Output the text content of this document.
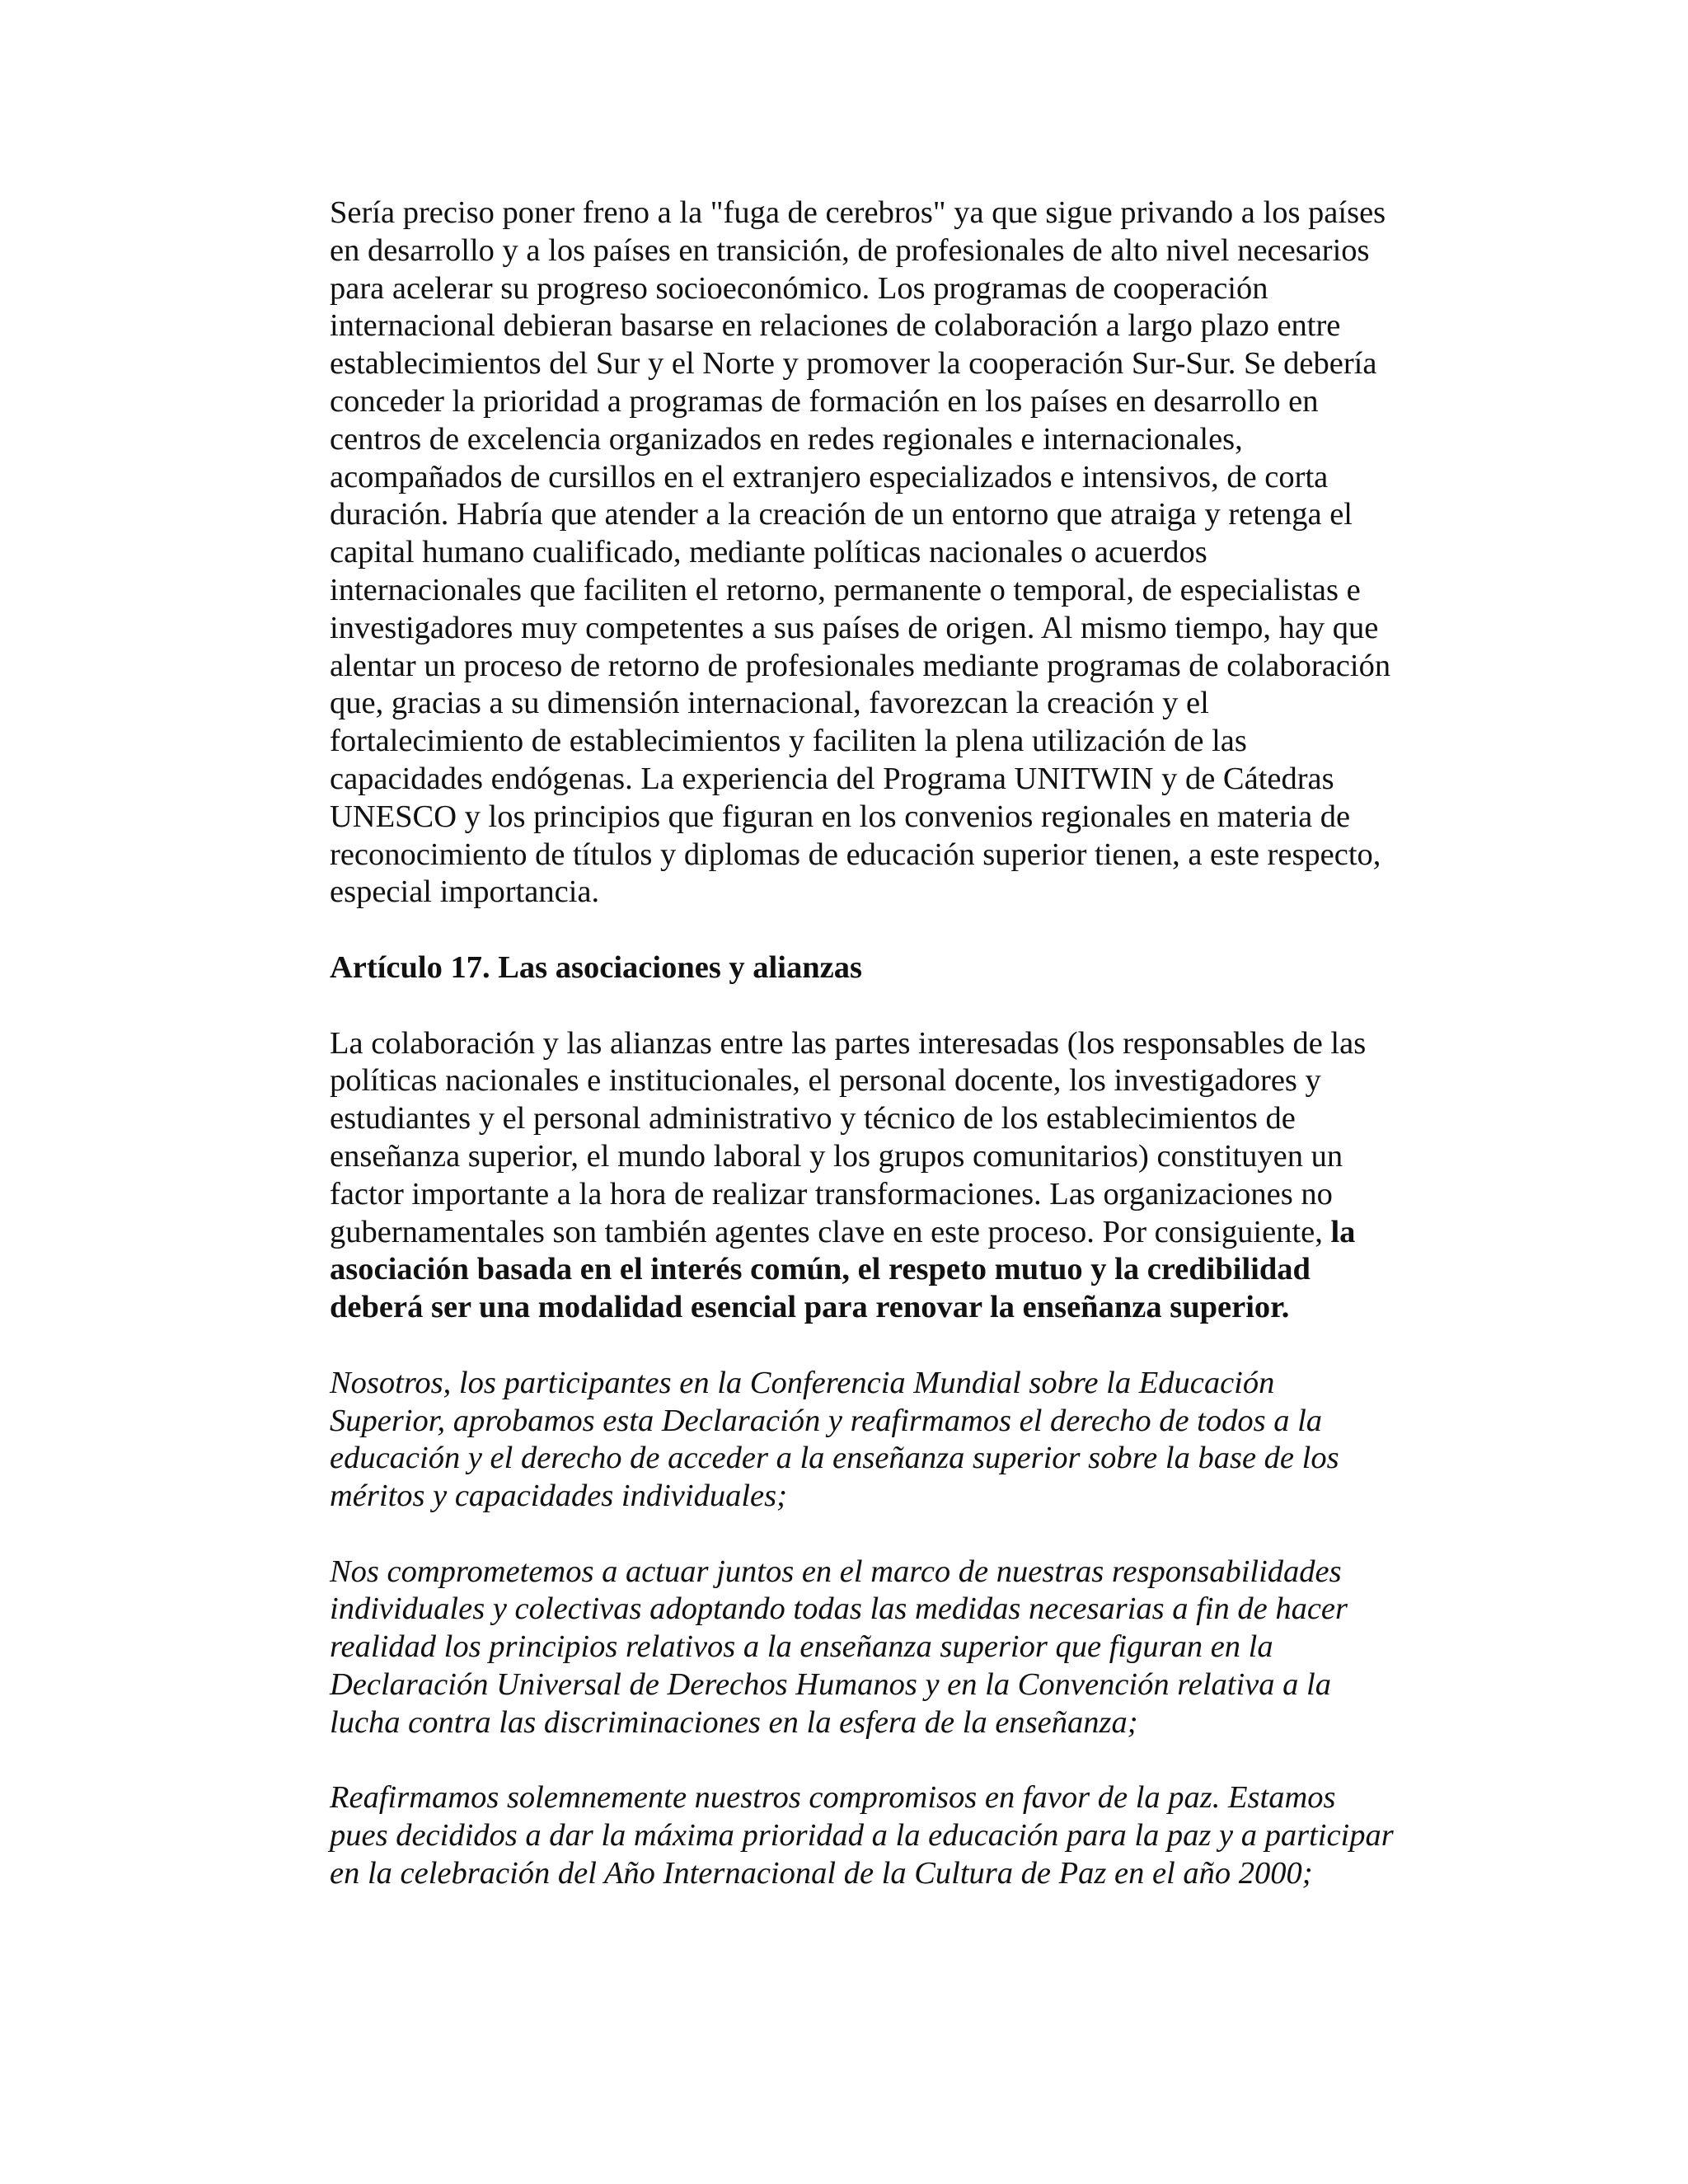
Sería preciso poner freno a la "fuga de cerebros" ya que sigue privando a los países
en desarrollo y a los países en transición, de profesionales de alto nivel necesarios
para acelerar su progreso socioeconómico. Los programas de cooperación
internacional debieran basarse en relaciones de colaboración a largo plazo entre
establecimientos del Sur y el Norte y promover la cooperación Sur-Sur. Se debería
conceder la prioridad a programas de formación en los países en desarrollo en
centros de excelencia organizados en redes regionales e internacionales,
acompañados de cursillos en el extranjero especializados e intensivos, de corta
duración. Habría que atender a la creación de un entorno que atraiga y retenga el
capital humano cualificado, mediante políticas nacionales o acuerdos
internacionales que faciliten el retorno, permanente o temporal, de especialistas e
investigadores muy competentes a sus países de origen. Al mismo tiempo, hay que
alentar un proceso de retorno de profesionales mediante programas de colaboración
que, gracias a su dimensión internacional, favorezcan la creación y el
fortalecimiento de establecimientos y faciliten la plena utilización de las
capacidades endógenas. La experiencia del Programa UNITWIN y de Cátedras
UNESCO y los principios que figuran en los convenios regionales en materia de
reconocimiento de títulos y diplomas de educación superior tienen, a este respecto,
especial importancia.

Artículo 17. Las asociaciones y alianzas

La colaboración y las alianzas entre las partes interesadas (los responsables de las
políticas nacionales e institucionales, el personal docente, los investigadores y
estudiantes y el personal administrativo y técnico de los establecimientos de
enseñanza superior, el mundo laboral y los grupos comunitarios) constituyen un
factor importante a la hora de realizar transformaciones. Las organizaciones no
gubernamentales son también agentes clave en este proceso. Por consiguiente, la
asociación basada en el interés común, el respeto mutuo y la credibilidad
deberá ser una modalidad esencial para renovar la enseñanza superior.

Nosotros, los participantes en la Conferencia Mundial sobre la Educación
Superior, aprobamos esta Declaración y reafirmamos el derecho de todos a la
educación y el derecho de acceder a la enseñanza superior sobre la base de los
méritos y capacidades individuales;

Nos comprometemos a actuar juntos en el marco de nuestras responsabilidades
individuales y colectivas adoptando todas las medidas necesarias a fin de hacer
realidad los principios relativos a la enseñanza superior que figuran en la
Declaración Universal de Derechos Humanos y en la Convención relativa a la
lucha contra las discriminaciones en la esfera de la enseñanza;

Reafirmamos solemnemente nuestros compromisos en favor de la paz. Estamos
pues decididos a dar la máxima prioridad a la educación para la paz y a participar
en la celebración del Año Internacional de la Cultura de Paz en el año 2000;
